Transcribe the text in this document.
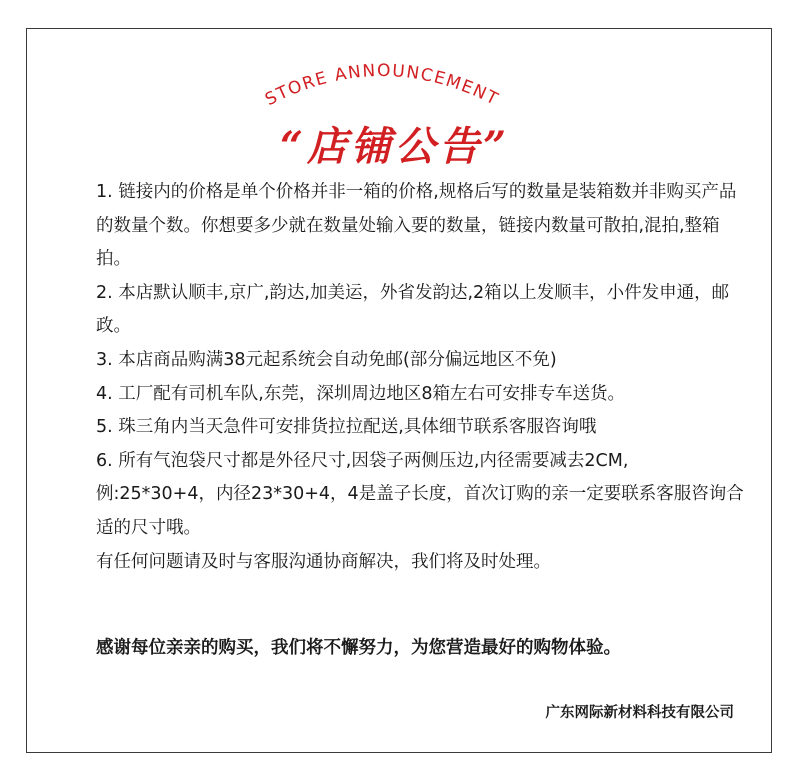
STORE ANNOUNCEMENT
“店铺公告”

1. 链接内的价格是单个价格并非一箱的价格,规格后写的数量是装箱数并非购买产品的数量个数。你想要多少就在数量处输入要的数量，链接内数量可散拍,混拍,整箱拍。

2. 本店默认顺丰,京广,韵达,加美运，外省发韵达,2箱以上发顺丰，小件发申通，邮政。

3. 本店商品购满38元起系统会自动免邮(部分偏远地区不免)

4. 工厂配有司机车队,东莞，深圳周边地区8箱左右可安排专车送货。

5. 珠三角内当天急件可安排货拉拉配送,具体细节联系客服咨询哦

6. 所有气泡袋尺寸都是外径尺寸,因袋子两侧压边,内径需要减去2CM,例:25*30+4，内径23*30+4，4是盖子长度，首次订购的亲一定要联系客服咨询合适的尺寸哦。

有任何问题请及时与客服沟通协商解决，我们将及时处理。

感谢每位亲亲的购买，我们将不懈努力，为您营造最好的购物体验。
广东网际新材料科技有限公司
